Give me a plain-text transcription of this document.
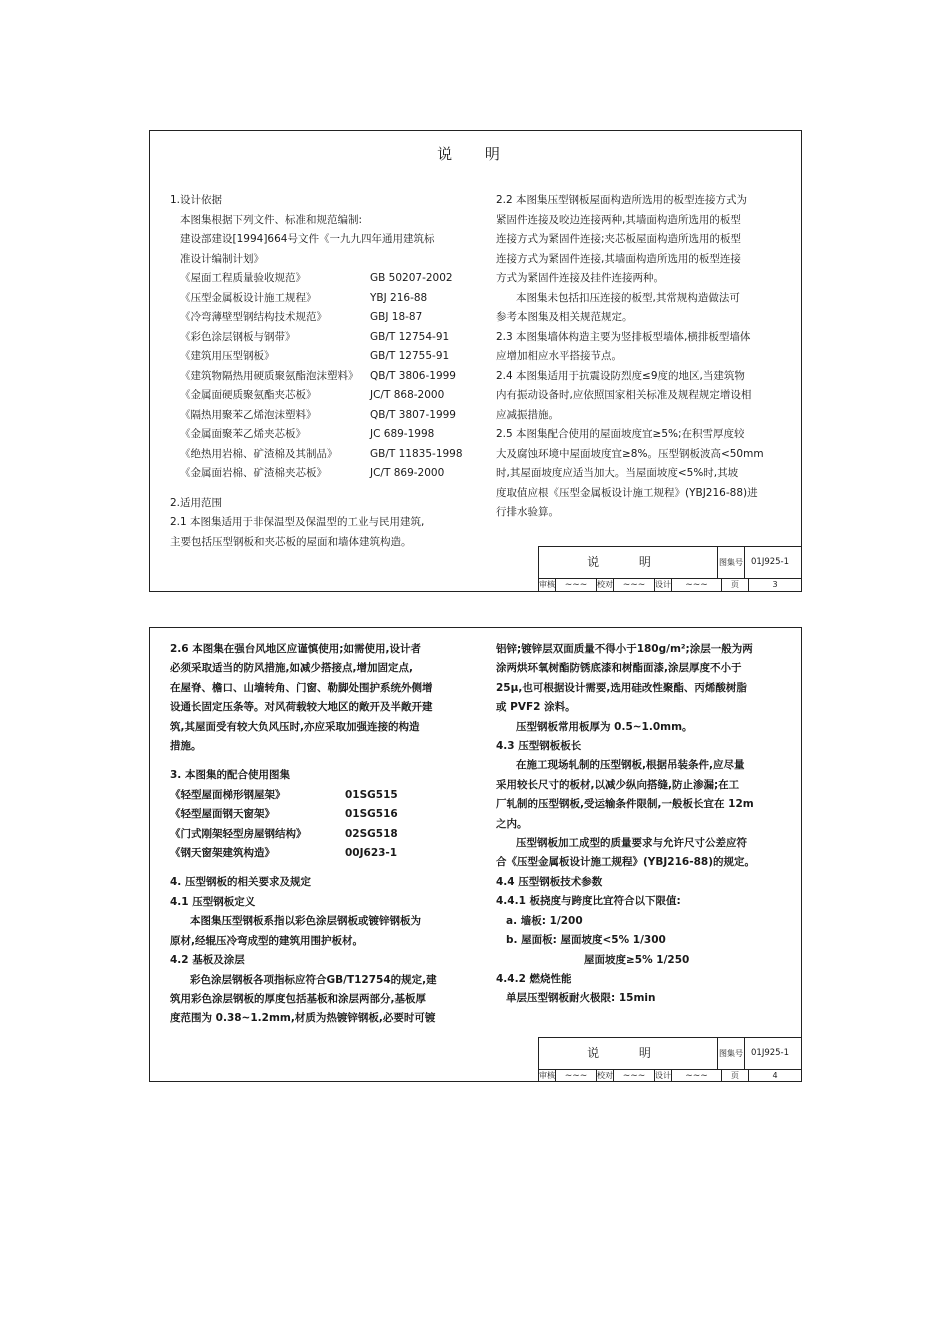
说 明

1.设计依据

本图集根据下列文件、标准和规范编制:

建设部建设[1994]664号文件《一九九四年通用建筑标

准设计编制计划》

《屋面工程质量验收规范》	GB 50207-2002

《压型金属板设计施工规程》	YBJ 216-88

《冷弯薄壁型钢结构技术规范》	GBJ 18-87

《彩色涂层钢板与钢带》	GB/T 12754-91

《建筑用压型钢板》	GB/T 12755-91

《建筑物隔热用硬质聚氨酯泡沫塑料》	QB/T 3806-1999

《金属面硬质聚氨酯夹芯板》	JC/T 868-2000

《隔热用聚苯乙烯泡沫塑料》	QB/T 3807-1999

《金属面聚苯乙烯夹芯板》	JC 689-1998

《绝热用岩棉、矿渣棉及其制品》	GB/T 11835-1998

《金属面岩棉、矿渣棉夹芯板》	JC/T 869-2000

2.适用范围

2.1 本图集适用于非保温型及保温型的工业与民用建筑,

主要包括压型钢板和夹芯板的屋面和墙体建筑构造。

2.2 本图集压型钢板屋面构造所选用的板型连接方式为

紧固件连接及咬边连接两种,其墙面构造所选用的板型

连接方式为紧固件连接;夹芯板屋面构造所选用的板型

连接方式为紧固件连接,其墙面构造所选用的板型连接

方式为紧固件连接及挂件连接两种。

本图集未包括扣压连接的板型,其常规构造做法可

参考本图集及相关规范规定。

2.3 本图集墙体构造主要为竖排板型墙体,横排板型墙体

应增加相应水平搭接节点。

2.4 本图集适用于抗震设防烈度≤9度的地区,当建筑物

内有振动设备时,应依照国家相关标准及规程规定增设相

应减振措施。

2.5 本图集配合使用的屋面坡度宜≥5%;在积雪厚度较

大及腐蚀环境中屋面坡度宜≥8%。压型钢板波高<50mm

时,其屋面坡度应适当加大。当屋面坡度<5%时,其坡

度取值应根《压型金属板设计施工规程》(YBJ216-88)进

行排水验算。

说 明	图集号 01J925-1
审核	~~~	校对	~~~	设计	~~~	页	3

2.6 本图集在强台风地区应谨慎使用;如需使用,设计者

必须采取适当的防风措施,如减少搭接点,增加固定点,

在屋脊、檐口、山墙转角、门窗、勒脚处围护系统外侧增

设通长固定压条等。对风荷载较大地区的敞开及半敞开建

筑,其屋面受有较大负风压时,亦应采取加强连接的构造

措施。

3. 本图集的配合使用图集

《轻型屋面梯形钢屋架》	01SG515

《轻型屋面钢天窗架》	01SG516

《门式刚架轻型房屋钢结构》	02SG518

《钢天窗架建筑构造》	00J623-1

4. 压型钢板的相关要求及规定

4.1 压型钢板定义

本图集压型钢板系指以彩色涂层钢板或镀锌钢板为

原材,经辊压冷弯成型的建筑用围护板材。

4.2 基板及涂层

彩色涂层钢板各项指标应符合GB/T12754的规定,建

筑用彩色涂层钢板的厚度包括基板和涂层两部分,基板厚

度范围为 0.38~1.2mm,材质为热镀锌钢板,必要时可镀

铝锌;镀锌层双面质量不得小于180g/m²;涂层一般为两

涂两烘环氧树酯防锈底漆和树酯面漆,涂层厚度不小于

25μ,也可根据设计需要,选用硅改性聚酯、丙烯酸树脂

或 PVF2 涂料。

压型钢板常用板厚为 0.5~1.0mm。

4.3 压型钢板板长

在施工现场轧制的压型钢板,根据吊装条件,应尽量

采用较长尺寸的板材,以减少纵向搭缝,防止渗漏;在工

厂轧制的压型钢板,受运输条件限制,一般板长宜在 12m

之内。

压型钢板加工成型的质量要求与允许尺寸公差应符

合《压型金属板设计施工规程》(YBJ216-88)的规定。

4.4 压型钢板技术参数

4.4.1 板挠度与跨度比宜符合以下限值:

a. 墙板: 1/200

b. 屋面板: 屋面坡度<5% 1/300

屋面坡度≥5% 1/250

4.4.2 燃烧性能

单层压型钢板耐火极限: 15min

说 明	图集号 01J925-1
审核	~~~	校对	~~~	设计	~~~	页	4
